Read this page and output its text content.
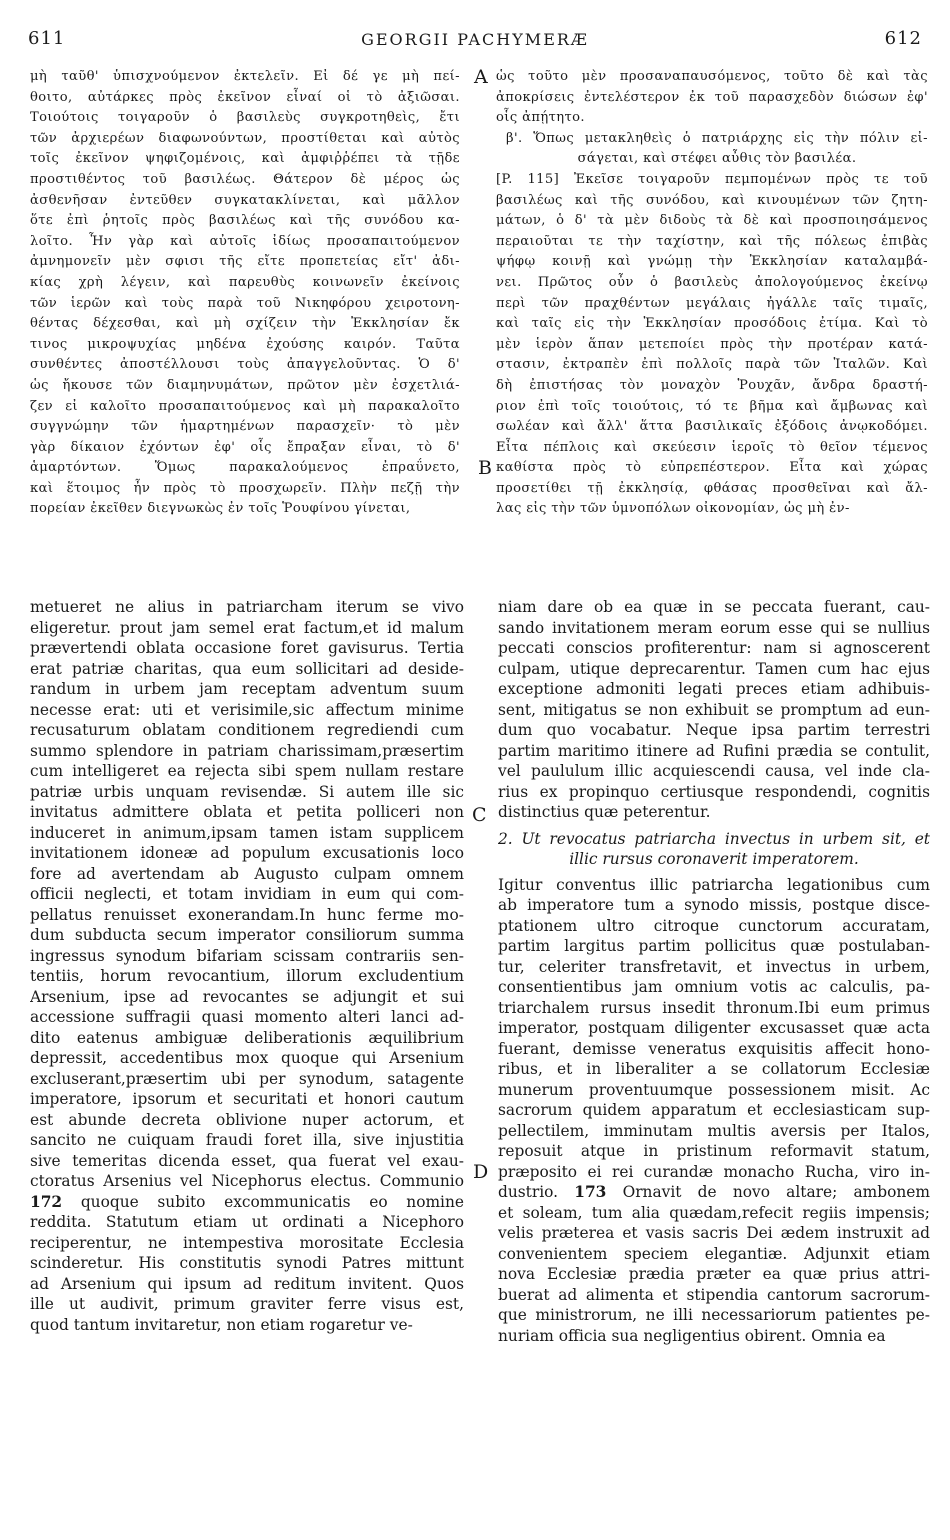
611	GEORGII PACHYMERÆ	612
μὴ ταῦθ' ὑπισχνούμενον ἐκτελεῖν. Εἰ δέ γε μὴ πεί-
θοιτο, αὐτάρκες πρὸς ἐκεῖνον εἶναί οἱ τὸ ἀξιῶσαι.
Τοιούτοις τοιγαροῦν ὁ βασιλεὺς συγκροτηθεὶς, ἔτι
τῶν ἀρχιερέων διαφωνούντων, προστίθεται καὶ αὐτὸς
τοῖς ἐκεῖνον ψηφιζομένοις, καὶ ἀμφιῤῥέπει τὰ τῇδε
προστιθέντος τοῦ βασιλέως. Θάτερον δὲ μέρος ὡς
ἀσθενῆσαν ἐντεῦθεν συγκατακλίνεται, καὶ μᾶλλον
ὅτε ἐπὶ ῥητοῖς πρὸς βασιλέως καὶ τῆς συνόδου κα-
λοῖτο. Ἦν γὰρ καὶ αὐτοῖς ἰδίως προσαπαιτούμενον
ἀμνημονεῖν μὲν σφισι τῆς εἴτε προπετείας εἴτ' ἀδι-
κίας χρὴ λέγειν, καὶ παρευθὺς κοινωνεῖν ἐκείνοις
τῶν ἱερῶν καὶ τοὺς παρὰ τοῦ Νικηφόρου χειροτονη-
θέντας δέχεσθαι, καὶ μὴ σχίζειν τὴν Ἐκκλησίαν ἔκ
τινος μικροψυχίας μηδένα ἐχούσης καιρόν. Ταῦτα
συνθέντες ἀποστέλλουσι τοὺς ἀπαγγελοῦντας. Ὁ δ'
ὡς ἤκουσε τῶν διαμηνυμάτων, πρῶτον μὲν ἐσχετλιά-
ζεν εἰ καλοῖτο προσαπαιτούμενος καὶ μὴ παρακαλοῖτο
συγγνώμην τῶν ἡμαρτημένων παρασχεῖν· τὸ μὲν
γὰρ δίκαιον ἐχόντων ἐφ' οἷς ἔπραξαν εἶναι, τὸ δ'
ἁμαρτόντων. Ὅμως παρακαλούμενος ἐπραΰνετο,
καὶ ἕτοιμος ἦν πρὸς τὸ προσχωρεῖν. Πλὴν πεζῇ τὴν
πορείαν ἐκεῖθεν διεγνωκὼς ἐν τοῖς Ῥουφίνου γίνεται,
ὡς τοῦτο μὲν προσαναπαυσόμενος, τοῦτο δὲ καὶ τὰς
ἀποκρίσεις ἐντελέστερον ἐκ τοῦ παρασχεδὸν διώσων ἐφ'
οἷς ἀπῄτητο.
β'. Ὅπως μετακληθεὶς ὁ πατριάρχης εἰς τὴν πόλιν εἰ-
σάγεται, καὶ στέφει αὖθις τὸν βασιλέα.
[P. 115] Ἐκεῖσε τοιγαροῦν πεμπομένων πρὸς τε τοῦ
βασιλέως καὶ τῆς συνόδου, καὶ κινουμένων τῶν ζητη-
μάτων, ὁ δ' τὰ μὲν διδοὺς τὰ δὲ καὶ προσποιησάμενος
περαιοῦται τε τὴν ταχίστην, καὶ τῆς πόλεως ἐπιβὰς
ψήφῳ κοινῇ καὶ γνώμῃ τὴν Ἐκκλησίαν καταλαμβά-
νει. Πρῶτος οὖν ὁ βασιλεὺς ἀπολογούμενος ἐκείνῳ
περὶ τῶν πραχθέντων μεγάλαις ἠγάλλε ταῖς τιμαῖς,
καὶ ταῖς εἰς τὴν Ἐκκλησίαν προσόδοις ἐτίμα. Καὶ τὸ
μὲν ἱερὸν ἅπαν μετεποίει πρὸς τὴν προτέραν κατά-
στασιν, ἐκτραπὲν ἐπὶ πολλοῖς παρὰ τῶν Ἰταλῶν. Καὶ
δὴ ἐπιστήσας τὸν μοναχὸν Ῥουχᾶν, ἄνδρα δραστή-
ριον ἐπὶ τοῖς τοιούτοις, τό τε βῆμα καὶ ἄμβωνας καὶ
σωλέαν καὶ ἄλλ' ἅττα βασιλικαῖς ἐξόδοις ἀνῳκοδόμει.
Εἶτα πέπλοις καὶ σκεύεσιν ἱεροῖς τὸ θεῖον τέμενος
καθίστα πρὸς τὸ εὐπρεπέστερον. Εἶτα καὶ χώρας
προσετίθει τῇ ἐκκλησίᾳ, φθάσας προσθεῖναι καὶ ἄλ-
λας εἰς τὴν τῶν ὑμνοπόλων οἰκονομίαν, ὡς μὴ ἐν-
metueret ne alius in patriarcham iterum se vivo
eligeretur. prout jam semel erat factum,et id malum
prævertendi oblata occasione foret gavisurus. Tertia
erat patriæ charitas, qua eum sollicitari ad deside-
randum in urbem jam receptam adventum suum
necesse erat: uti et verisimile,sic affectum minime
recusaturum oblatam conditionem regrediendi cum
summo splendore in patriam charissimam,præsertim
cum intelligeret ea rejecta sibi spem nullam restare
patriæ urbis unquam revisendæ. Si autem ille sic
invitatus admittere oblata et petita polliceri non
induceret in animum,ipsam tamen istam supplicem
invitationem idoneæ ad populum excusationis loco
fore ad avertendam ab Augusto culpam omnem
officii neglecti, et totam invidiam in eum qui com-
pellatus renuisset exonerandam.In hunc ferme mo-
dum subducta secum imperator consiliorum summa
ingressus synodum bifariam scissam contrariis sen-
tentiis, horum revocantium, illorum excludentium
Arsenium, ipse ad revocantes se adjungit et sui
accessione suffragii quasi momento alteri lanci ad-
dito eatenus ambiguæ deliberationis æquilibrium
depressit, accedentibus mox quoque qui Arsenium
excluserant,præsertim ubi per synodum, satagente
imperatore, ipsorum et securitati et honori cautum
est abunde decreta oblivione nuper actorum, et
sancito ne cuiquam fraudi foret illa, sive injustitia
sive temeritas dicenda esset, qua fuerat vel exau-
ctoratus Arsenius vel Nicephorus electus. Communio
172 quoque subito excommunicatis eo nomine
reddita. Statutum etiam ut ordinati a Nicephoro
reciperentur, ne intempestiva morositate Ecclesia
scinderetur. His constitutis synodi Patres mittunt
ad Arsenium qui ipsum ad reditum invitent. Quos
ille ut audivit, primum graviter ferre visus est,
quod tantum invitaretur, non etiam rogaretur ve-
niam dare ob ea quæ in se peccata fuerant, cau-
sando invitationem meram eorum esse qui se nullius
peccati conscios profiterentur: nam si agnoscerent
culpam, utique deprecarentur. Tamen cum hac ejus
exceptione admoniti legati preces etiam adhibuis-
sent, mitigatus se non exhibuit se promptum ad eun-
dum quo vocabatur. Neque ipsa partim terrestri
partim maritimo itinere ad Rufini prædia se contulit,
vel paululum illic acquiescendi causa, vel inde cla-
rius ex propinquo certiusque respondendi, cognitis
distinctius quæ peterentur.
2. Ut revocatus patriarcha invectus in urbem sit, et
illic rursus coronaverit imperatorem.
Igitur conventus illic patriarcha legationibus cum
ab imperatore tum a synodo missis, postque disce-
ptationem ultro citroque cunctorum accuratam,
partim largitus partim pollicitus quæ postulaban-
tur, celeriter transfretavit, et invectus in urbem,
consentientibus jam omnium votis ac calculis, pa-
triarchalem rursus insedit thronum.Ibi eum primus
imperator, postquam diligenter excusasset quæ acta
fuerant, demisse veneratus exquisitis affecit hono-
ribus, et in liberaliter a se collatorum Ecclesiæ
munerum proventuumque possessionem misit. Ac
sacrorum quidem apparatum et ecclesiasticam sup-
pellectilem, imminutam multis aversis per Italos,
reposuit atque in pristinum reformavit statum,
præposito ei rei curandæ monacho Rucha, viro in-
dustrio. 173 Ornavit de novo altare; ambonem
et soleam, tum alia quædam,refecit regiis impensis;
velis præterea et vasis sacris Dei ædem instruxit ad
convenientem speciem elegantiæ. Adjunxit etiam
nova Ecclesiæ prædia præter ea quæ prius attri-
buerat ad alimenta et stipendia cantorum sacrorum-
que ministrorum, ne illi necessariorum patientes pe-
nuriam officia sua negligentius obirent. Omnia ea
A
B
C
D
